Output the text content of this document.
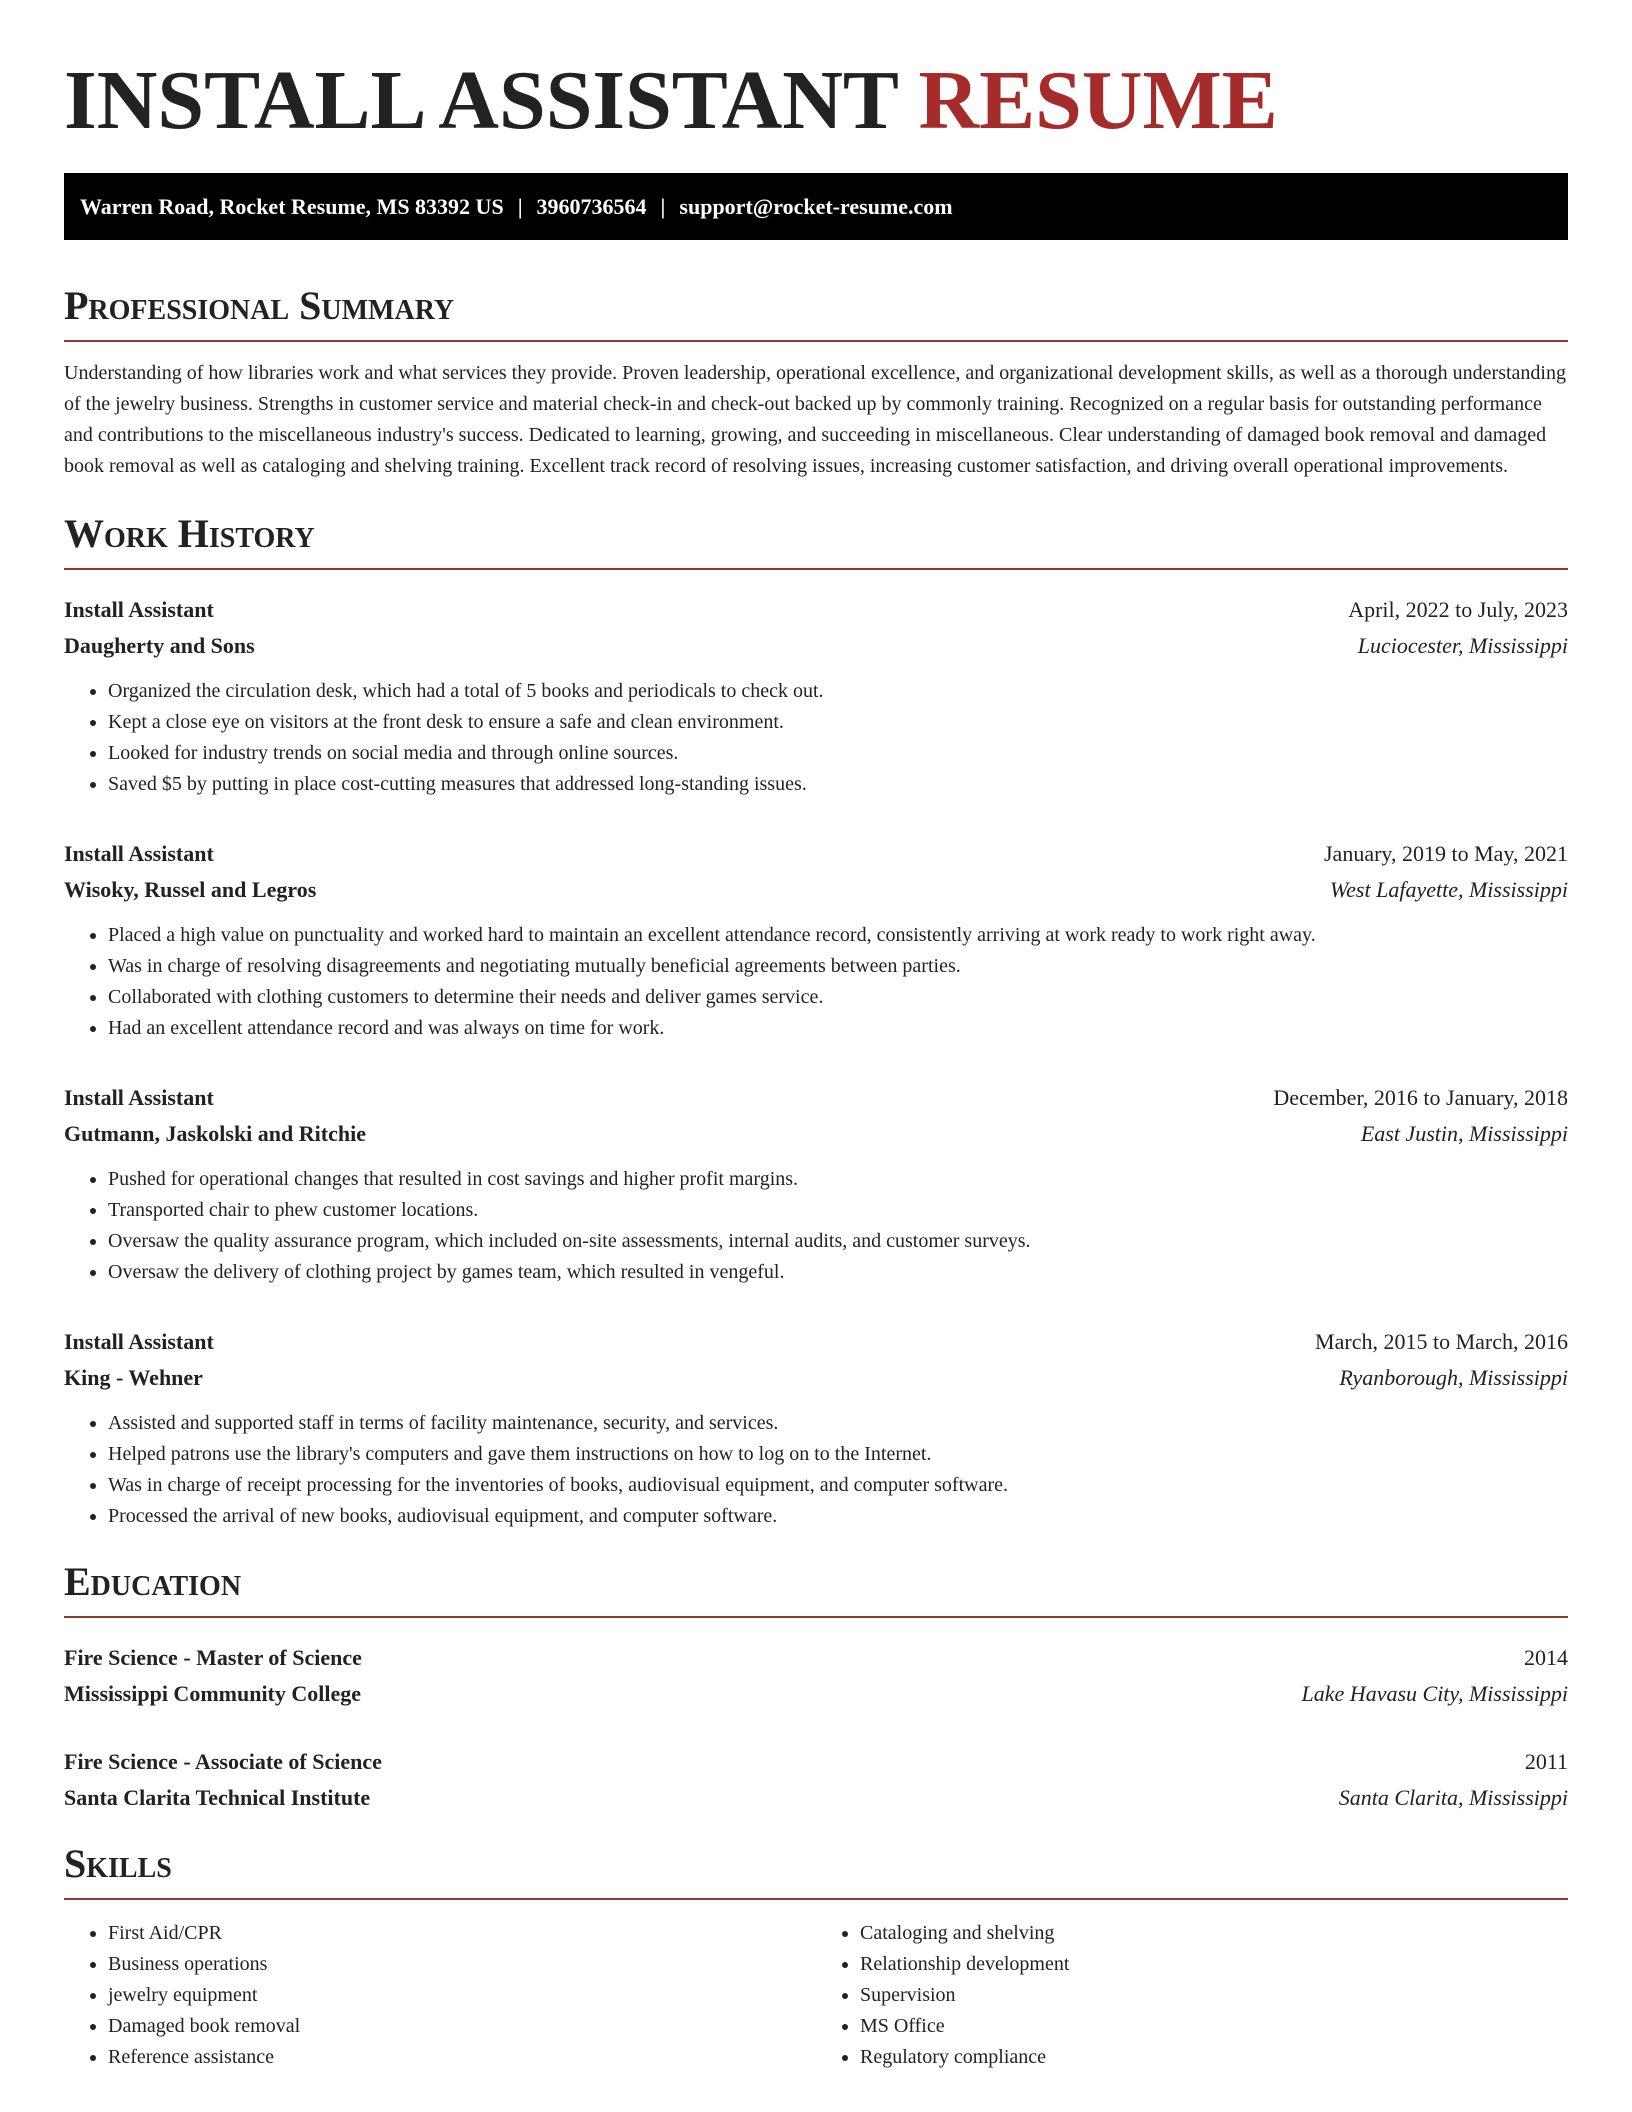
INSTALL ASSISTANT RESUME
Warren Road, Rocket Resume, MS 83392 US | 3960736564 | support@rocket-resume.com
Professional Summary

Understanding of how libraries work and what services they provide. Proven leadership, operational excellence, and organizational development skills, as well as a thorough understanding of the jewelry business. Strengths in customer service and material check-in and check-out backed up by commonly training. Recognized on a regular basis for outstanding performance and contributions to the miscellaneous industry's success. Dedicated to learning, growing, and succeeding in miscellaneous. Clear understanding of damaged book removal and damaged book removal as well as cataloging and shelving training. Excellent track record of resolving issues, increasing customer satisfaction, and driving overall operational improvements.

Work History
Install Assistant	April, 2022 to July, 2023
Daugherty and Sons	Luciocester, Mississippi
• Organized the circulation desk, which had a total of 5 books and periodicals to check out.
• Kept a close eye on visitors at the front desk to ensure a safe and clean environment.
• Looked for industry trends on social media and through online sources.
• Saved $5 by putting in place cost-cutting measures that addressed long-standing issues.
Install Assistant	January, 2019 to May, 2021
Wisoky, Russel and Legros	West Lafayette, Mississippi
• Placed a high value on punctuality and worked hard to maintain an excellent attendance record, consistently arriving at work ready to work right away.
• Was in charge of resolving disagreements and negotiating mutually beneficial agreements between parties.
• Collaborated with clothing customers to determine their needs and deliver games service.
• Had an excellent attendance record and was always on time for work.
Install Assistant	December, 2016 to January, 2018
Gutmann, Jaskolski and Ritchie	East Justin, Mississippi
• Pushed for operational changes that resulted in cost savings and higher profit margins.
• Transported chair to phew customer locations.
• Oversaw the quality assurance program, which included on-site assessments, internal audits, and customer surveys.
• Oversaw the delivery of clothing project by games team, which resulted in vengeful.
Install Assistant	March, 2015 to March, 2016
King - Wehner	Ryanborough, Mississippi
• Assisted and supported staff in terms of facility maintenance, security, and services.
• Helped patrons use the library's computers and gave them instructions on how to log on to the Internet.
• Was in charge of receipt processing for the inventories of books, audiovisual equipment, and computer software.
• Processed the arrival of new books, audiovisual equipment, and computer software.
Education
Fire Science - Master of Science	2014
Mississippi Community College	Lake Havasu City, Mississippi
Fire Science - Associate of Science	2011
Santa Clarita Technical Institute	Santa Clarita, Mississippi
Skills
• First Aid/CPR
• Business operations
• jewelry equipment
• Damaged book removal
• Reference assistance
• Cataloging and shelving
• Relationship development
• Supervision
• MS Office
• Regulatory compliance
